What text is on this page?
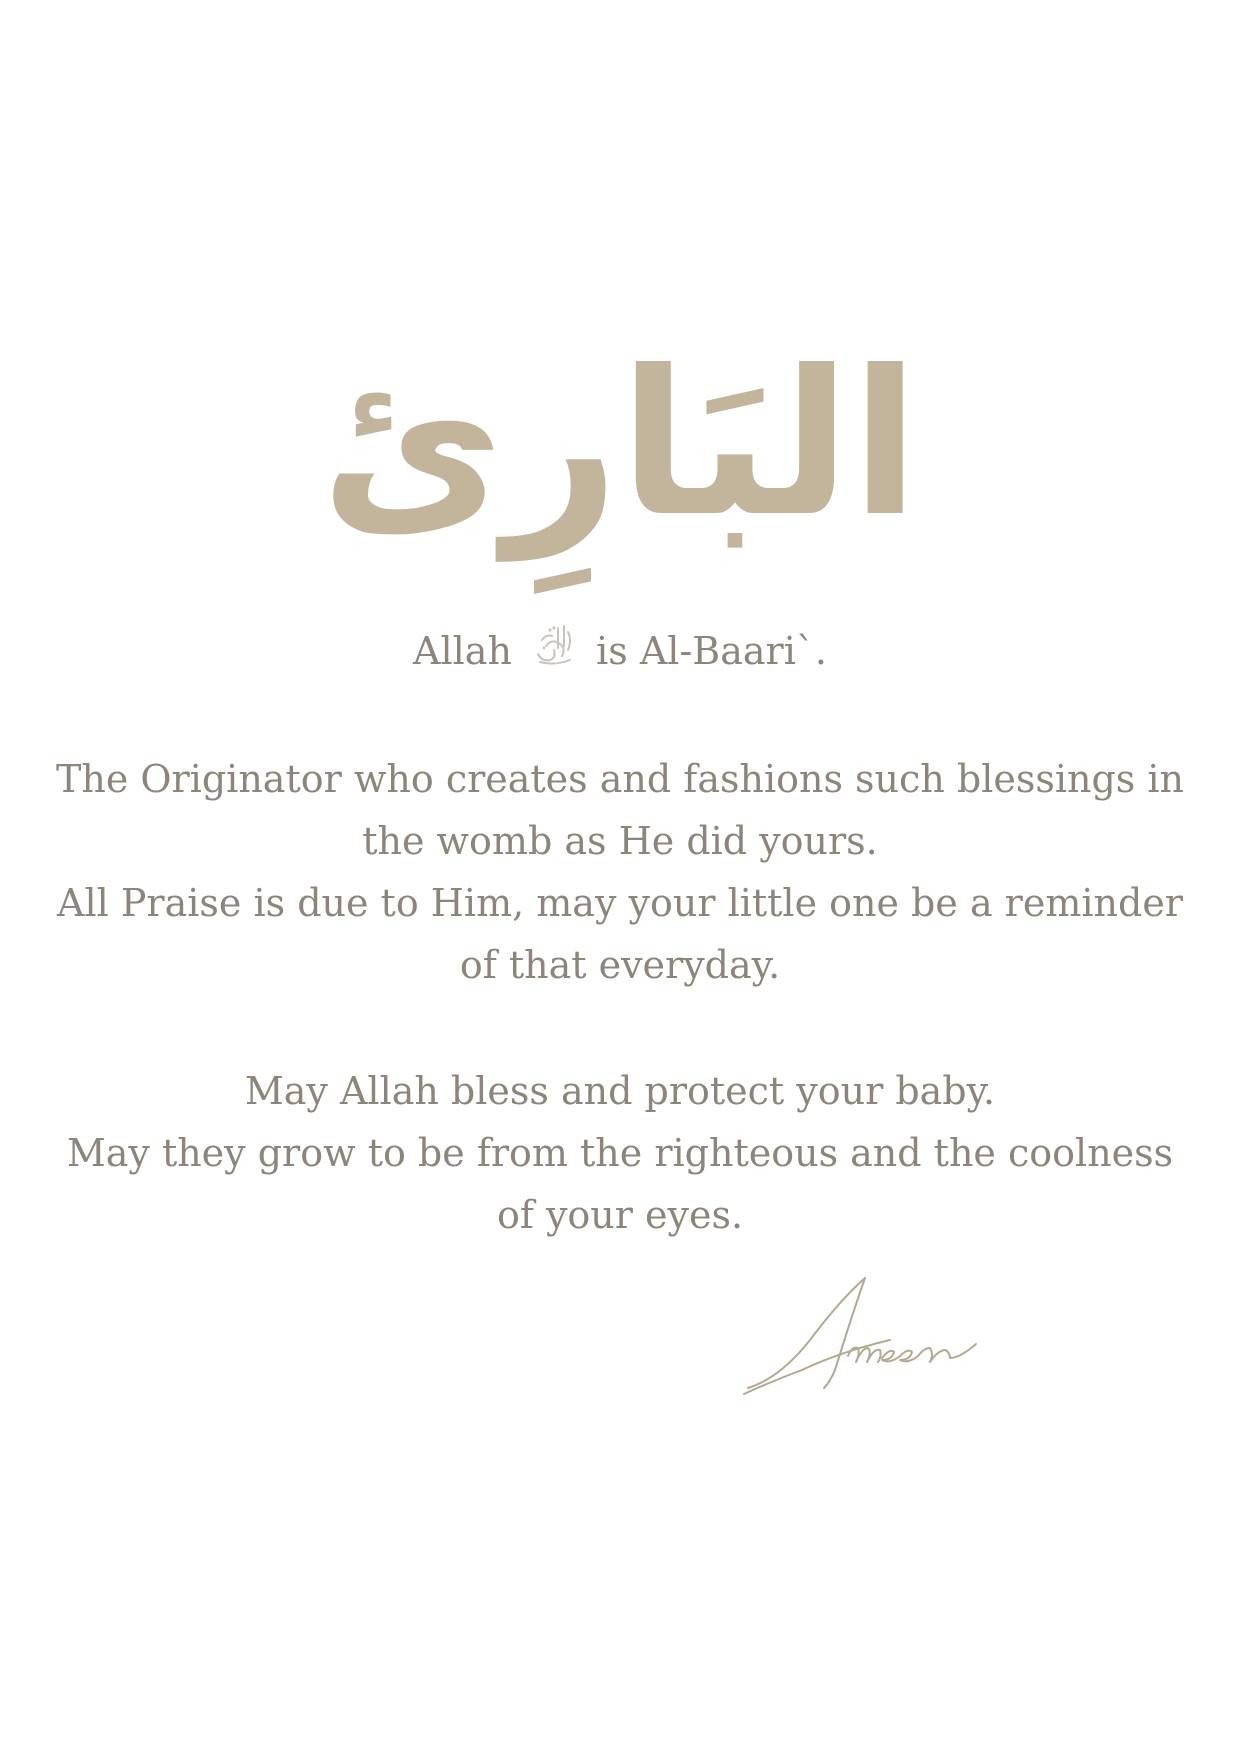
البَارِئ
Allah is Al-Baari`.
The Originator who creates and fashions such blessings in
the womb as He did yours.
All Praise is due to Him, may your little one be a reminder
of that everyday.
May Allah bless and protect your baby.
May they grow to be from the righteous and the coolness
of your eyes.
